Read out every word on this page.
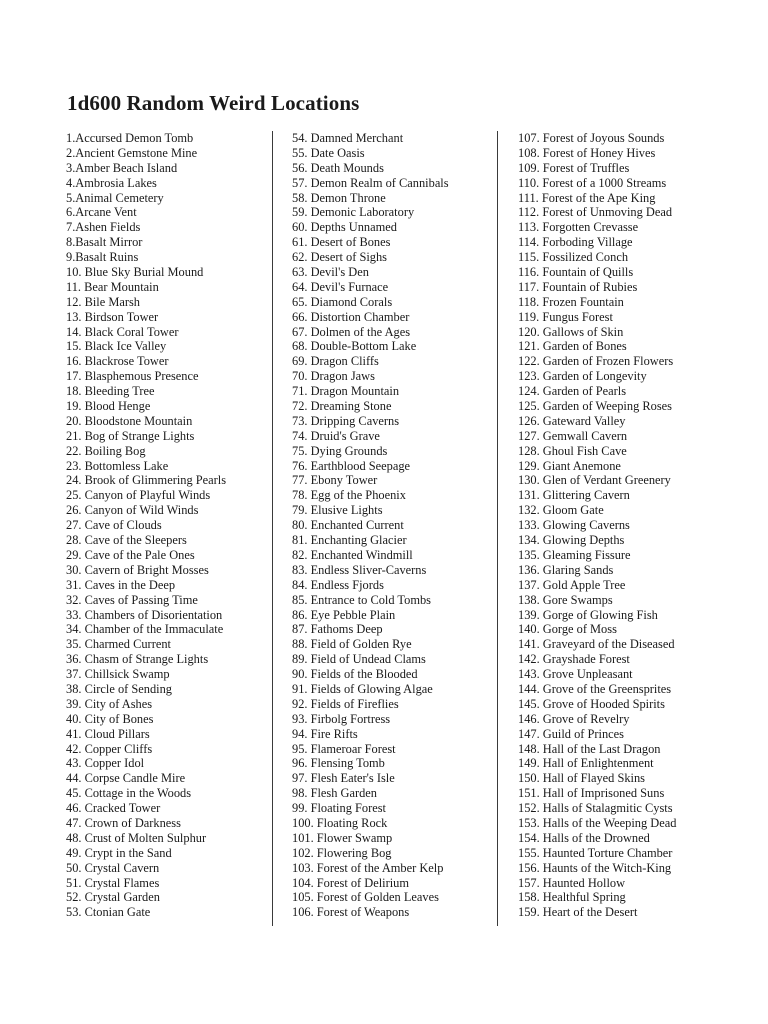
1d600 Random Weird Locations
1.Accursed Demon Tomb
2.Ancient Gemstone Mine
3.Amber Beach Island
4.Ambrosia Lakes
5.Animal Cemetery
6.Arcane Vent
7.Ashen Fields
8.Basalt Mirror
9.Basalt Ruins
10. Blue Sky Burial Mound
11. Bear Mountain
12. Bile Marsh
13. Birdson Tower
14. Black Coral Tower
15. Black Ice Valley
16. Blackrose Tower
17. Blasphemous Presence
18. Bleeding Tree
19. Blood Henge
20. Bloodstone Mountain
21. Bog of Strange Lights
22. Boiling Bog
23. Bottomless Lake
24. Brook of Glimmering Pearls
25. Canyon of Playful Winds
26. Canyon of Wild Winds
27. Cave of Clouds
28. Cave of the Sleepers
29. Cave of the Pale Ones
30. Cavern of Bright Mosses
31. Caves in the Deep
32. Caves of Passing Time
33. Chambers of Disorientation
34. Chamber of the Immaculate
35. Charmed Current
36. Chasm of Strange Lights
37. Chillsick Swamp
38. Circle of Sending
39. City of Ashes
40. City of Bones
41. Cloud Pillars
42. Copper Cliffs
43. Copper Idol
44. Corpse Candle Mire
45. Cottage in the Woods
46. Cracked Tower
47. Crown of Darkness
48. Crust of Molten Sulphur
49. Crypt in the Sand
50. Crystal Cavern
51. Crystal Flames
52. Crystal Garden
53. Ctonian Gate
54. Damned Merchant
55. Date Oasis
56. Death Mounds
57. Demon Realm of Cannibals
58. Demon Throne
59. Demonic Laboratory
60. Depths Unnamed
61. Desert of Bones
62. Desert of Sighs
63. Devil's Den
64. Devil's Furnace
65. Diamond Corals
66. Distortion Chamber
67. Dolmen of the Ages
68. Double-Bottom Lake
69. Dragon Cliffs
70. Dragon Jaws
71. Dragon Mountain
72. Dreaming Stone
73. Dripping Caverns
74. Druid's Grave
75. Dying Grounds
76. Earthblood Seepage
77. Ebony Tower
78. Egg of the Phoenix
79. Elusive Lights
80. Enchanted Current
81. Enchanting Glacier
82. Enchanted Windmill
83. Endless Sliver-Caverns
84. Endless Fjords
85. Entrance to Cold Tombs
86. Eye Pebble Plain
87. Fathoms Deep
88. Field of Golden Rye
89. Field of Undead Clams
90. Fields of the Blooded
91. Fields of Glowing Algae
92. Fields of Fireflies
93. Firbolg Fortress
94. Fire Rifts
95. Flameroar Forest
96. Flensing Tomb
97. Flesh Eater's Isle
98. Flesh Garden
99. Floating Forest
100. Floating Rock
101. Flower Swamp
102. Flowering Bog
103. Forest of the Amber Kelp
104. Forest of Delirium
105. Forest of Golden Leaves
106. Forest of Weapons
107. Forest of Joyous Sounds
108. Forest of Honey Hives
109. Forest of Truffles
110. Forest of a 1000 Streams
111. Forest of the Ape King
112. Forest of Unmoving Dead
113. Forgotten Crevasse
114. Forboding Village
115. Fossilized Conch
116. Fountain of Quills
117. Fountain of Rubies
118. Frozen Fountain
119. Fungus Forest
120. Gallows of Skin
121. Garden of Bones
122. Garden of Frozen Flowers
123. Garden of Longevity
124. Garden of Pearls
125. Garden of Weeping Roses
126. Gateward Valley
127. Gemwall Cavern
128. Ghoul Fish Cave
129. Giant Anemone
130. Glen of Verdant Greenery
131. Glittering Cavern
132. Gloom Gate
133. Glowing Caverns
134. Glowing Depths
135. Gleaming Fissure
136. Glaring Sands
137. Gold Apple Tree
138. Gore Swamps
139. Gorge of Glowing Fish
140. Gorge of Moss
141. Graveyard of the Diseased
142. Grayshade Forest
143. Grove Unpleasant
144. Grove of the Greensprites
145. Grove of Hooded Spirits
146. Grove of Revelry
147. Guild of Princes
148. Hall of the Last Dragon
149. Hall of Enlightenment
150. Hall of Flayed Skins
151. Hall of Imprisoned Suns
152. Halls of Stalagmitic Cysts
153. Halls of the Weeping Dead
154. Halls of the Drowned
155. Haunted Torture Chamber
156. Haunts of the Witch-King
157. Haunted Hollow
158. Healthful Spring
159. Heart of the Desert
